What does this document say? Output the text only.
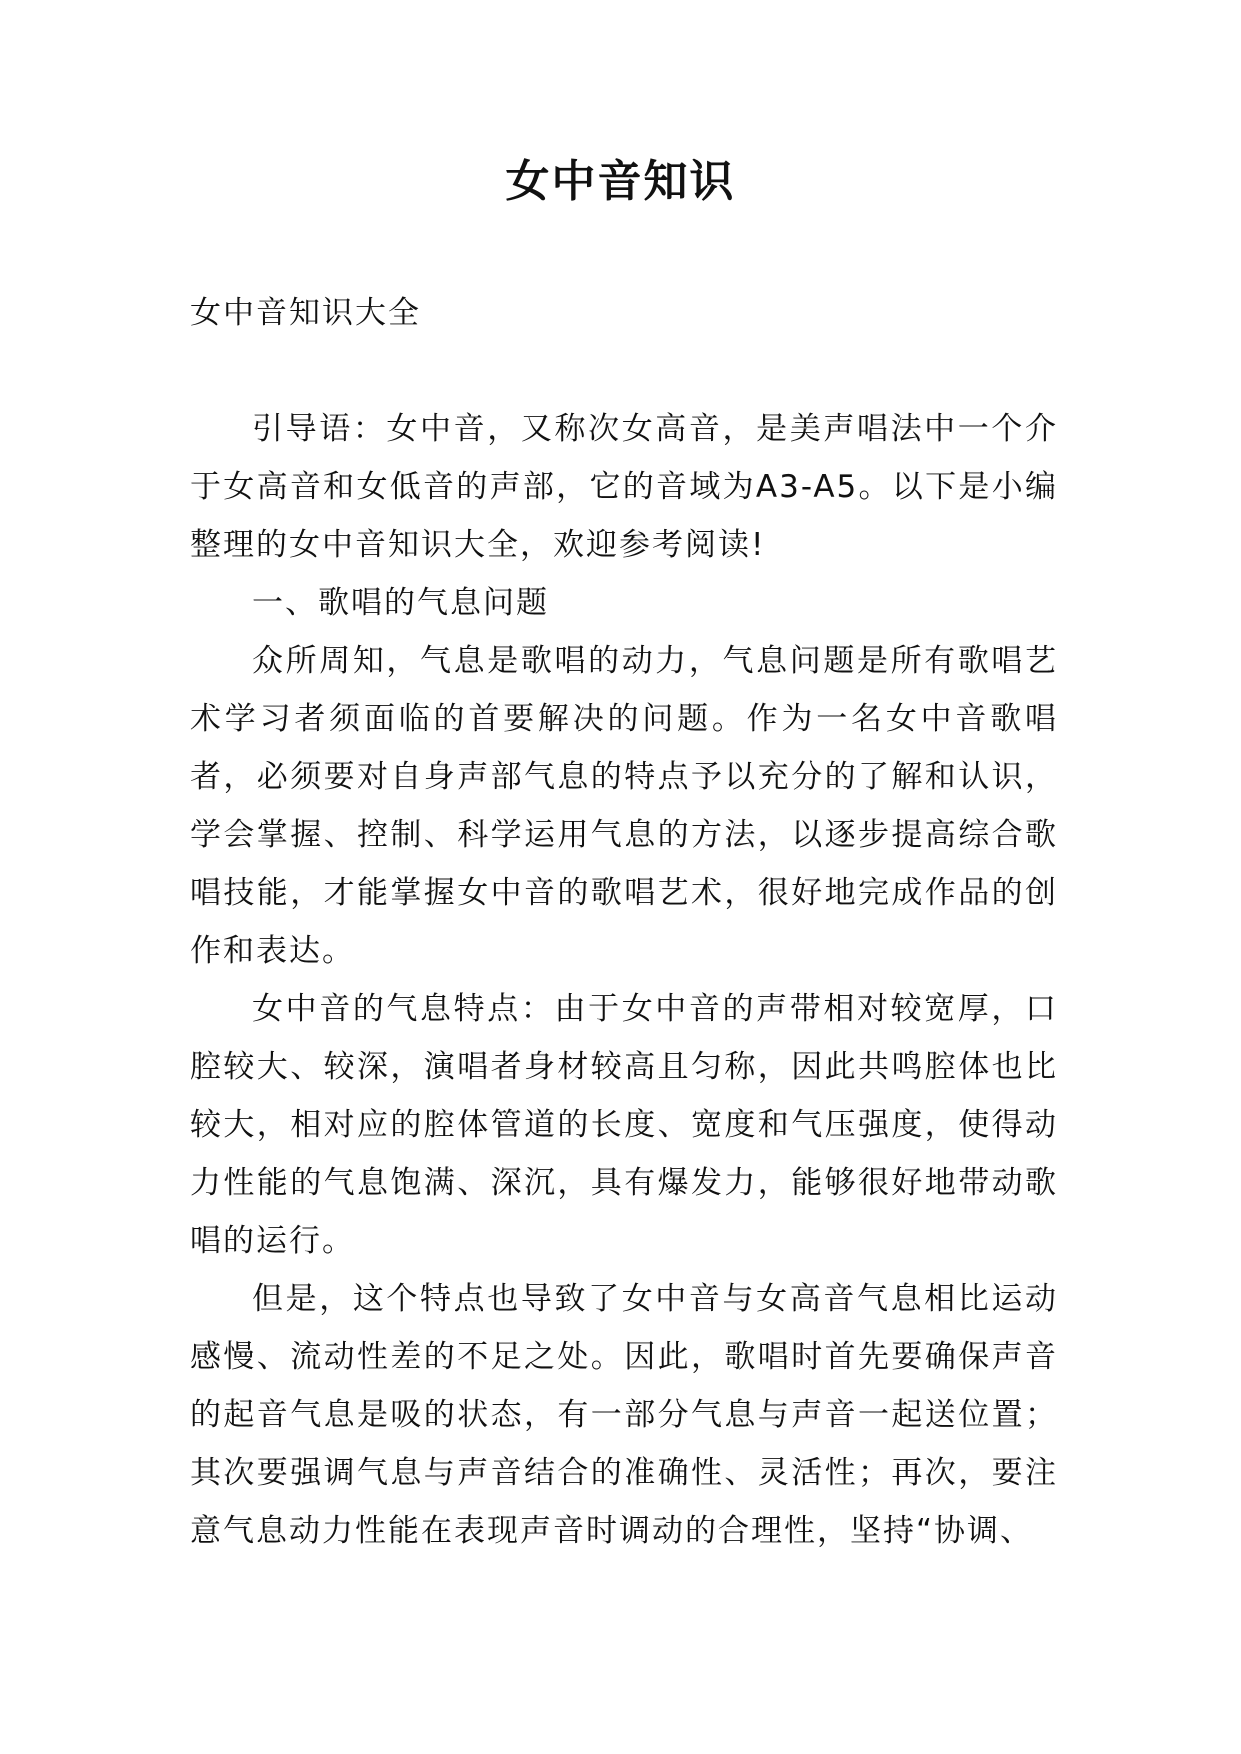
女中音知识

女中音知识大全

引导语：女中音，又称次女高音，是美声唱法中一个介于女高音和女低音的声部，它的音域为A3-A5。以下是小编整理的女中音知识大全，欢迎参考阅读!

一、歌唱的气息问题

众所周知，气息是歌唱的动力，气息问题是所有歌唱艺术学习者须面临的首要解决的问题。作为一名女中音歌唱者，必须要对自身声部气息的特点予以充分的了解和认识，学会掌握、控制、科学运用气息的方法，以逐步提高综合歌唱技能，才能掌握女中音的歌唱艺术，很好地完成作品的创作和表达。

女中音的气息特点：由于女中音的声带相对较宽厚，口腔较大、较深，演唱者身材较高且匀称，因此共鸣腔体也比较大，相对应的腔体管道的长度、宽度和气压强度，使得动力性能的气息饱满、深沉，具有爆发力，能够很好地带动歌唱的运行。

但是，这个特点也导致了女中音与女高音气息相比运动感慢、流动性差的不足之处。因此，歌唱时首先要确保声音的起音气息是吸的状态，有一部分气息与声音一起送位置；其次要强调气息与声音结合的准确性、灵活性；再次，要注意气息动力性能在表现声音时调动的合理性，坚持“协调、
